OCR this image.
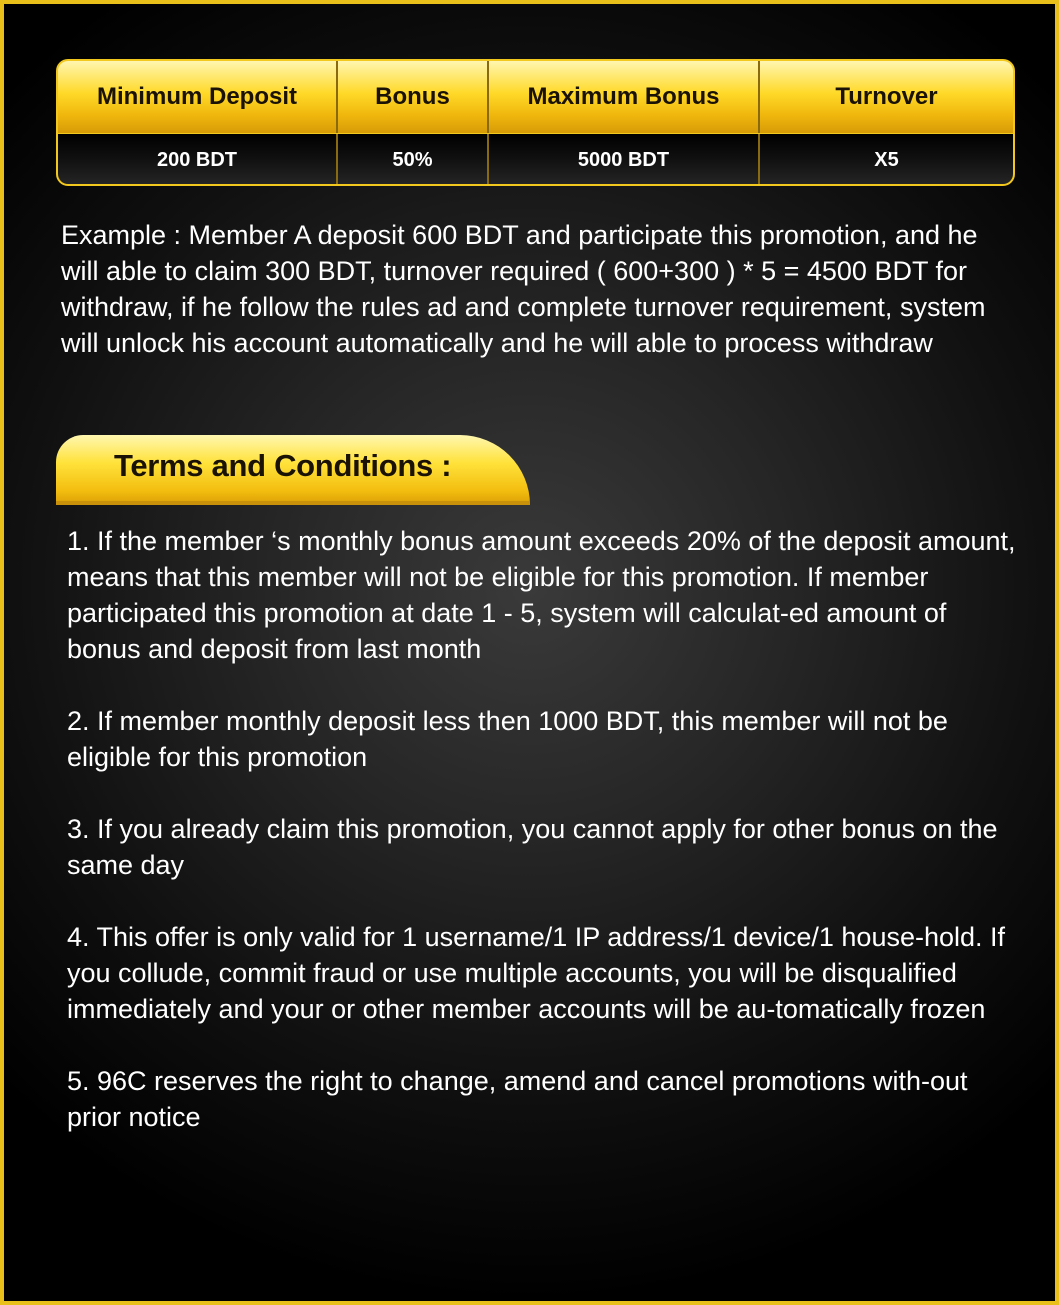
Minimum Deposit	Bonus	Maximum Bonus	Turnover
200 BDT	50%	5000 BDT	X5

Example : Member A deposit 600 BDT and participate this promotion, and he will able to claim 300 BDT, turnover required ( 600+300 ) * 5 = 4500 BDT for withdraw, if he follow the rules ad and complete turnover requirement, system will unlock his account automatically and he will able to process withdraw

Terms and Conditions :
1. If the member ‘s monthly bonus amount exceeds 20% of the deposit amount, means that this member will not be eligible for this promotion. If member participated this promotion at date 1 - 5, system will calculat-ed amount of bonus and deposit from last month
2. If member monthly deposit less then 1000 BDT, this member will not be eligible for this promotion
3. If you already claim this promotion, you cannot apply for other bonus on the same day
4. This offer is only valid for 1 username/1 IP address/1 device/1 house-hold. If you collude, commit fraud or use multiple accounts, you will be disqualified immediately and your or other member accounts will be au-tomatically frozen
5. 96C reserves the right to change, amend and cancel promotions with-out prior notice
